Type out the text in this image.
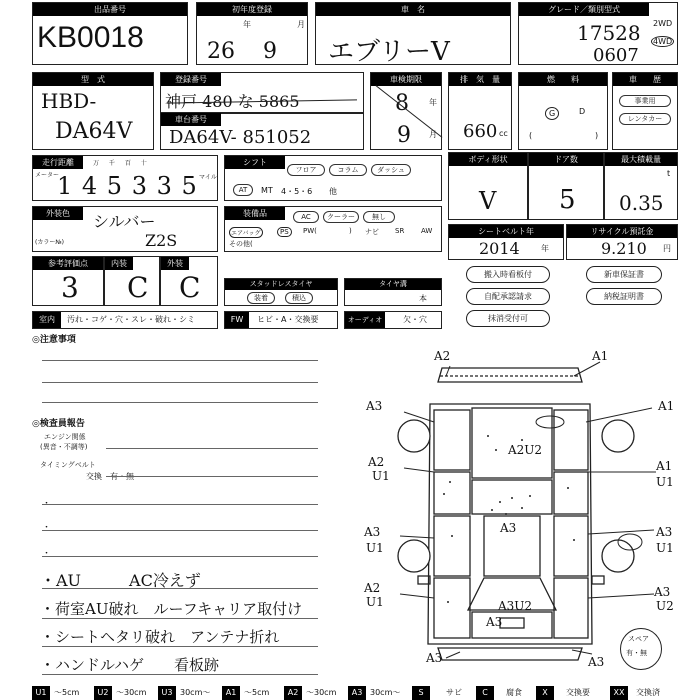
出品番号
KB0018
初年度登録
年	月
26 9
車　名
エブリーV
グレード／類別型式
17528
0607
2WD
4WD
型　式
HBD-
DA64V
登録番号
神戸 480 な 5865
車台番号
DA64V- 851052
車検期限
年
月
8
9
排　気　量
660 cc
燃　　料
G	D
(	)
車　　歴
事業用
レンタカー
走行距離
メーター
万 千 百 十
1 4 5 3 3 5 マイル
シフト
フロア	コラム	ダッシュ
AT	MT 4・5・6 他
ボディ形状
V
ドア数
5
最大積載量
t
0.35
外装色	シルバー
(カラー№)	Z2S
装備品	AC	クーラー	無し
エアバッグ	PS	PW(	) ナビ SR AW
その他(
シートベルト年
2014	年
リサイクル預託金
9.210 円
参考評価点
3
内装
C
外装
C	スタッドレスタイヤ
装着	積込
タイヤ溝
本
搬入時看板付	新車保証書
自配承認請求	納税証明書
抹消受付可
室内	汚れ・コゲ・穴・スレ・破れ・シミ	FW	ヒビ・A・交換要	オーディオ	欠・穴
◎注意事項
◎検査員報告
エンジン関係
(異音・不調等)
タイミングベルト
交換　有・無
・
・
・
・AU　　　AC冷えず
・荷室AU破れ　ルーフキャリア取付け
・シートヘタリ破れ　アンテナ折れ
・ハンドルハゲ　　看板跡
A2	A1
A3	A1
A2U2
A2
U1
A1
U1
A3
A3
U1
A3
U1
A3U2
A2
U1
A3
U2
A3	A3
A3
スペア
有・無
U1 〜5cm	U2 〜30cm	U3 30cm〜	A1 〜5cm	A2 〜30cm	A3 30cm〜	S	サビ	C	腐食	X	交換要	XX	交換済
